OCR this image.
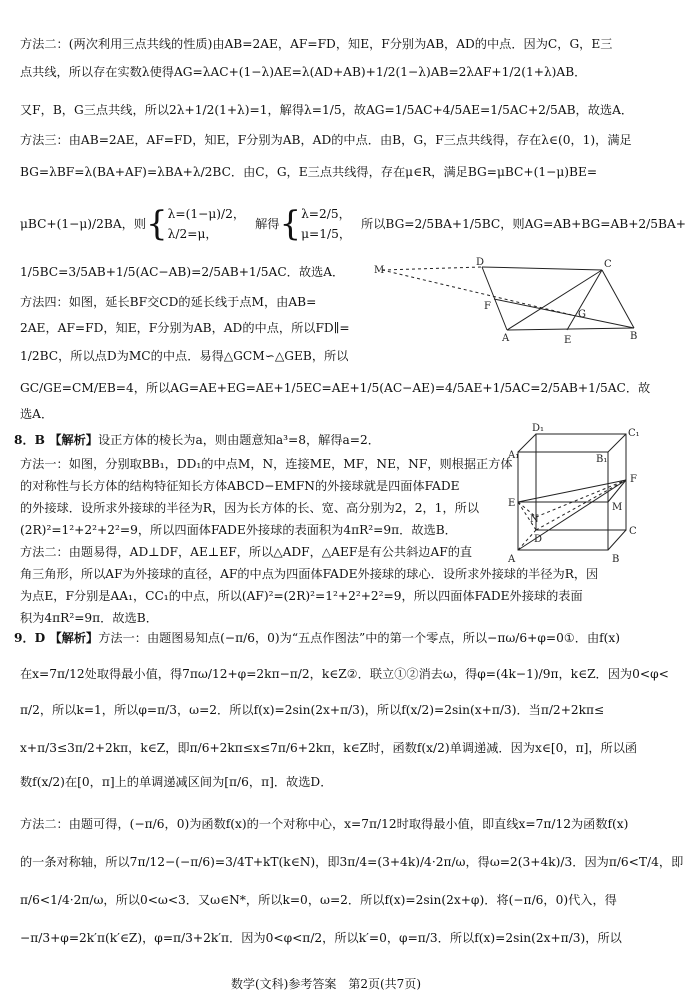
方法二：(两次利用三点共线的性质)由AB=2AE，AF=FD，知E，F分别为AB，AD的中点．因为C，G，E三
点共线，所以存在实数λ使得AG=λAC+(1−λ)AE=λ(AD+AB)+1/2(1−λ)AB=2λAF+1/2(1+λ)AB．
又F，B，G三点共线，所以2λ+1/2(1+λ)=1，解得λ=1/5，故AG=1/5AC+4/5AE=1/5AC+2/5AB，故选A．
方法三：由AB=2AE，AF=FD，知E，F分别为AB，AD的中点．由B，G，F三点共线得，存在λ∈(0，1)，满足
BG=λBF=λ(BA+AF)=λBA+λ/2BC．由C，G，E三点共线得，存在μ∈R，满足BG=μBC+(1−μ)BE=
μBC+(1−μ)/2BA，则 { λ=(1−μ)/2，
λ/2=μ，
解得 { λ=2/5，
μ=1/5，
所以BG=2/5BA+1/5BC，则AG=AB+BG=AB+2/5BA+
1/5BC=3/5AB+1/5(AC−AB)=2/5AB+1/5AC．故选A．
方法四：如图，延长BF交CD的延长线于点M，由AB=
2AE，AF=FD，知E，F分别为AB，AD的中点，所以FD∥=
1/2BC，所以点D为MC的中点．易得△GCM∽△GEB，所以
GC/GE=CM/EB=4，所以AG=AE+EG=AE+1/5EC=AE+1/5(AC−AE)=4/5AE+1/5AC=2/5AB+1/5AC．故
选A．
M
D	C
F
G
A	E	B
8．B 【解析】设正方体的棱长为a，则由题意知a³=8，解得a=2．
方法一：如图，分别取BB₁，DD₁的中点M，N，连接ME，MF，NE，NF，则根据正方体
的对称性与长方体的结构特征知长方体ABCD−EMFN的外接球就是四面体FADE
的外接球．设所求外接球的半径为R，因为长方体的长、宽、高分别为2，2，1，所以
(2R)²=1²+2²+2²=9，所以四面体FADE外接球的表面积为4πR²=9π．故选B．
方法二：由题易得，AD⊥DF，AE⊥EF，所以△ADF，△AEF是有公共斜边AF的直
角三角形，所以AF为外接球的直径，AF的中点为四面体FADE外接球的球心．设所求外接球的半径为R，因
为点E，F分别是AA₁，CC₁的中点，所以(AF)²=(2R)²=1²+2²+2²=9，所以四面体FADE外接球的表面
积为4πR²=9π．故选B．
D₁	C₁
A₁	B₁
E
F
N
M
D
C
A	B
9．D 【解析】方法一：由题图易知点(−π/6，0)为“五点作图法”中的第一个零点，所以−πω/6+φ=0①．由f(x)
在x=7π/12处取得最小值，得7πω/12+φ=2kπ−π/2，k∈Z②．联立①②消去ω，得φ=(4k−1)/9π，k∈Z．因为0<φ<
π/2，所以k=1，所以φ=π/3，ω=2．所以f(x)=2sin(2x+π/3)，所以f(x/2)=2sin(x+π/3)．当π/2+2kπ≤
x+π/3≤3π/2+2kπ，k∈Z，即π/6+2kπ≤x≤7π/6+2kπ，k∈Z时，函数f(x/2)单调递减．因为x∈[0，π]，所以函
数f(x/2)在[0，π]上的单调递减区间为[π/6，π]．故选D．
方法二：由题可得，(−π/6，0)为函数f(x)的一个对称中心，x=7π/12时取得最小值，即直线x=7π/12为函数f(x)
的一条对称轴，所以7π/12−(−π/6)=3/4T+kT(k∈N)，即3π/4=(3+4k)/4·2π/ω，得ω=2(3+4k)/3．因为π/6<T/4，即
π/6<1/4·2π/ω，所以0<ω<3．又ω∈N*，所以k=0，ω=2．所以f(x)=2sin(2x+φ)．将(−π/6，0)代入，得
−π/3+φ=2k′π(k′∈Z)，φ=π/3+2k′π．因为0<φ<π/2，所以k′=0，φ=π/3．所以f(x)=2sin(2x+π/3)，所以
数学(文科)参考答案　第2页(共7页)
